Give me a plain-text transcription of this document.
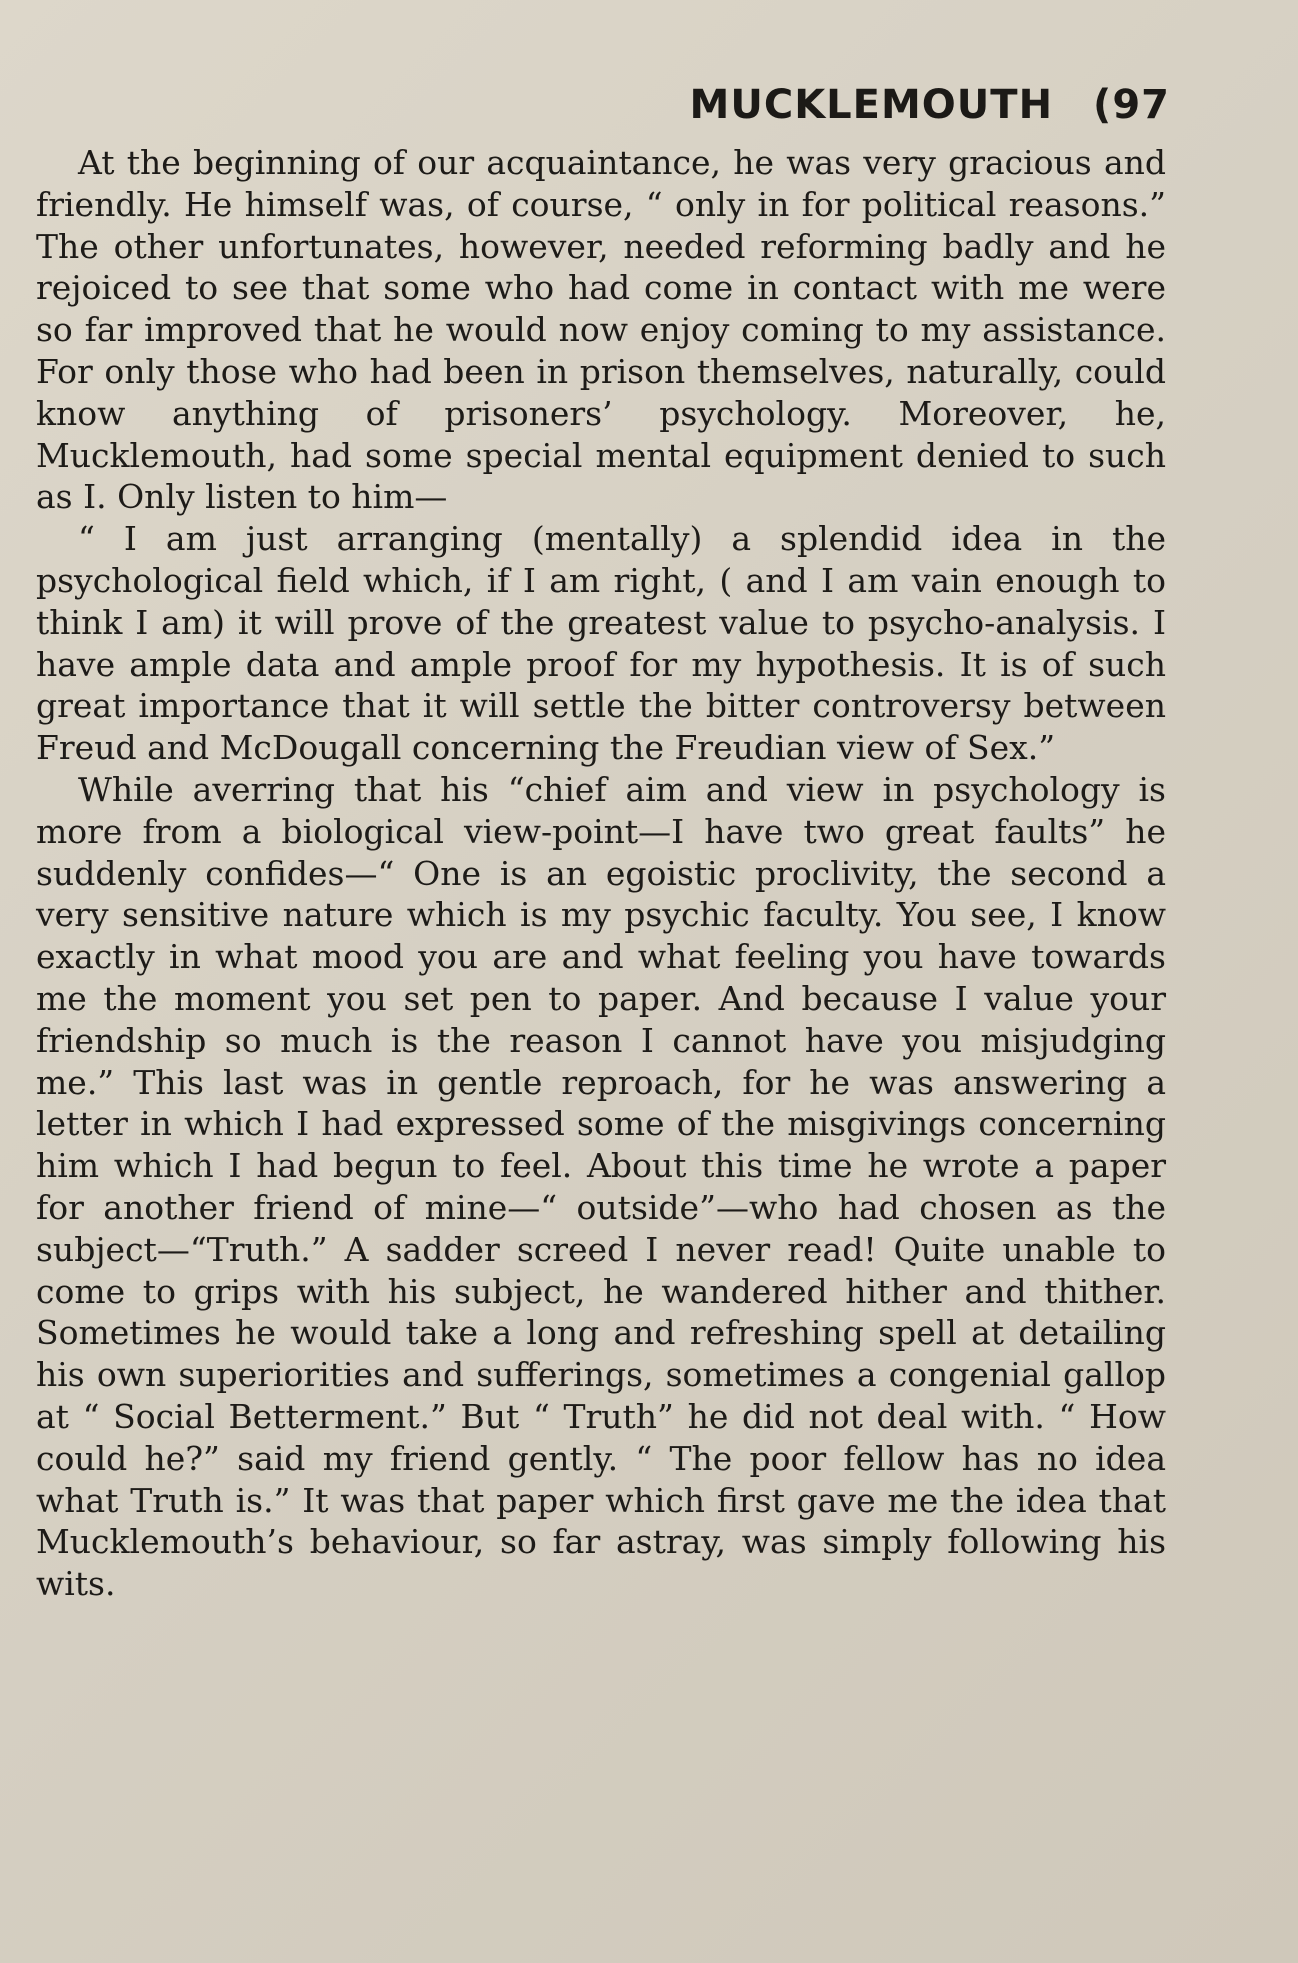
MUCKLEMOUTH (97

At the beginning of our acquaintance, he was very gracious and friendly. He himself was, of course, “ only in for political reasons.” The other unfortunates, however, needed reforming badly and he rejoiced to see that some who had come in contact with me were so far improved that he would now enjoy coming to my assistance. For only those who had been in prison themselves, naturally, could know anything of prisoners’ psychology. Moreover, he, Mucklemouth, had some special mental equipment denied to such as I. Only listen to him—

“ I am just arranging (mentally) a splendid idea in the psychological field which, if I am right, ( and I am vain enough to think I am) it will prove of the greatest value to psycho-analysis. I have ample data and ample proof for my hypothesis. It is of such great importance that it will settle the bitter controversy between Freud and McDougall concerning the Freudian view of Sex.”

While averring that his “chief aim and view in psychology is more from a biological view-point—I have two great faults” he suddenly confides—“ One is an egoistic proclivity, the second a very sensitive nature which is my psychic faculty. You see, I know exactly in what mood you are and what feeling you have towards me the moment you set pen to paper. And because I value your friendship so much is the reason I cannot have you misjudging me.” This last was in gentle reproach, for he was answering a letter in which I had expressed some of the misgivings concerning him which I had begun to feel. About this time he wrote a paper for another friend of mine—“ outside”—who had chosen as the subject—“Truth.” A sadder screed I never read! Quite unable to come to grips with his subject, he wandered hither and thither. Sometimes he would take a long and refreshing spell at detailing his own superiorities and sufferings, sometimes a congenial gallop at “ Social Betterment.” But “ Truth” he did not deal with. “ How could he?” said my friend gently. “ The poor fellow has no idea what Truth is.” It was that paper which first gave me the idea that Mucklemouth’s behaviour, so far astray, was simply following his wits.
